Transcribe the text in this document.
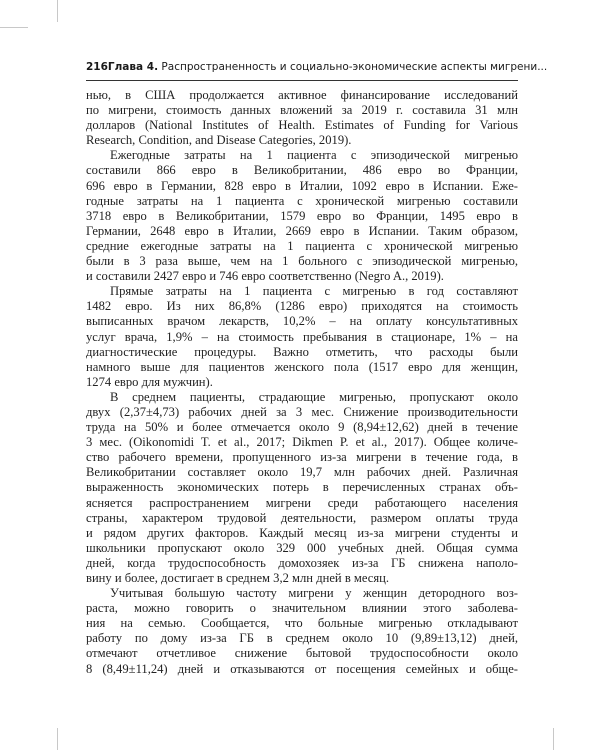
216 Глава 4. Распространенность и социально-экономические аспекты мигрени...
нью, в США продолжается активное финансирование исследований
по мигрени, стоимость данных вложений за 2019 г. составила 31 млн
долларов (National Institutes of Health. Estimates of Funding for Various
Research, Condition, and Disease Categories, 2019).
Ежегодные затраты на 1 пациента с эпизодической мигренью
составили 866 евро в Великобритании, 486 евро во Франции,
696 евро в Германии, 828 евро в Италии, 1092 евро в Испании. Еже-
годные затраты на 1 пациента с хронической мигренью составили
3718 евро в Великобритании, 1579 евро во Франции, 1495 евро в
Германии, 2648 евро в Италии, 2669 евро в Испании. Таким образом,
средние ежегодные затраты на 1 пациента с хронической мигренью
были в 3 раза выше, чем на 1 больного с эпизодической мигренью,
и составили 2427 евро и 746 евро соответственно (Negro A., 2019).
Прямые затраты на 1 пациента с мигренью в год составляют
1482 евро. Из них 86,8% (1286 евро) приходятся на стоимость
выписанных врачом лекарств, 10,2% – на оплату консультативных
услуг врача, 1,9% – на стоимость пребывания в стационаре, 1% – на
диагностические процедуры. Важно отметить, что расходы были
намного выше для пациентов женского пола (1517 евро для женщин,
1274 евро для мужчин).
В среднем пациенты, страдающие мигренью, пропускают около
двух (2,37±4,73) рабочих дней за 3 мес. Снижение производительности
труда на 50% и более отмечается около 9 (8,94±12,62) дней в течение
3 мес. (Oikonomidi T. et al., 2017; Dikmen P. et al., 2017). Общее количе-
ство рабочего времени, пропущенного из-за мигрени в течение года, в
Великобритании составляет около 19,7 млн рабочих дней. Различная
выраженность экономических потерь в перечисленных странах объ-
ясняется распространением мигрени среди работающего населения
страны, характером трудовой деятельности, размером оплаты труда
и рядом других факторов. Каждый месяц из-за мигрени студенты и
школьники пропускают около 329 000 учебных дней. Общая сумма
дней, когда трудоспособность домохозяек из-за ГБ снижена наполо-
вину и более, достигает в среднем 3,2 млн дней в месяц.
Учитывая большую частоту мигрени у женщин детородного воз-
раста, можно говорить о значительном влиянии этого заболева-
ния на семью. Сообщается, что больные мигренью откладывают
работу по дому из-за ГБ в среднем около 10 (9,89±13,12) дней,
отмечают отчетливое снижение бытовой трудоспособности около
8 (8,49±11,24) дней и отказываются от посещения семейных и обще-
